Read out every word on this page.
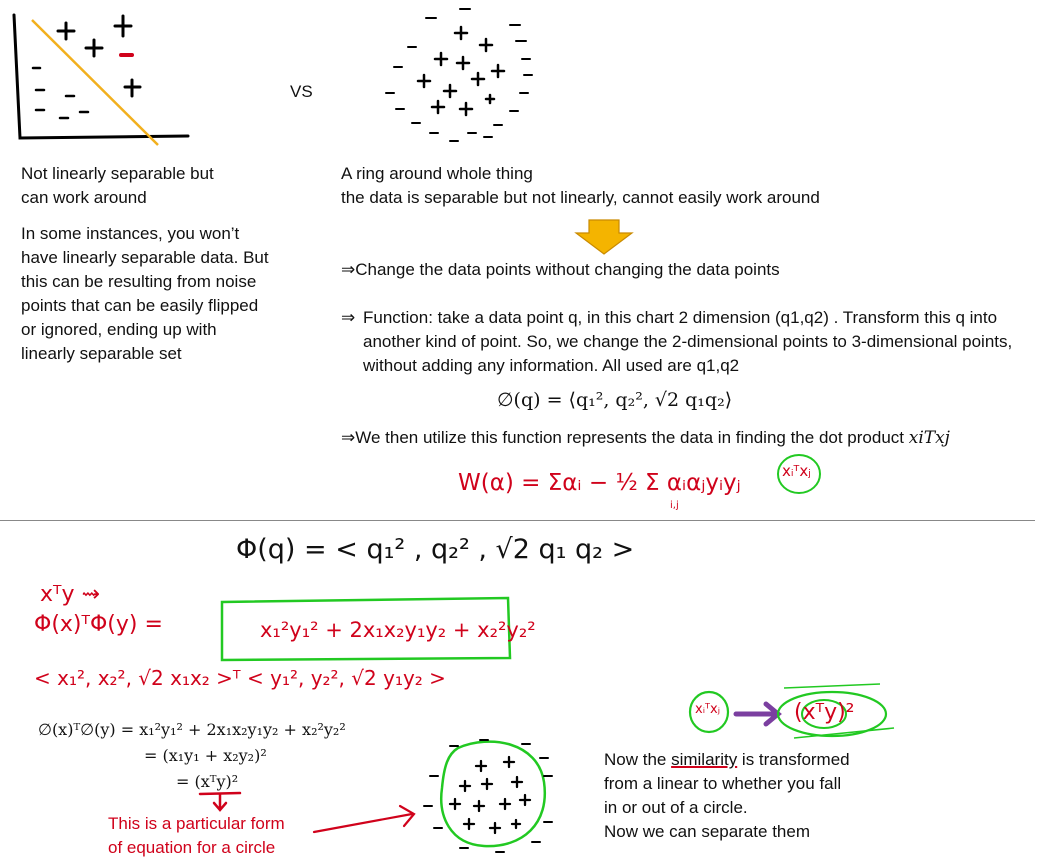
VS
Not linearly separable but
can work around
In some instances, you won’t have linearly separable data. But this can be resulting from noise points that can be easily flipped or ignored, ending up with linearly separable set
A ring around whole thing
the data is separable but not linearly, cannot easily work around
⇒Change the data points without changing the data points
⇒ Function: take a data point q, in this chart 2 dimension (q1,q2) . Transform this q into another kind of point. So, we change the 2-dimensional points to 3-dimensional points, without adding any information. All used are q1,q2
∅(q) = ⟨q₁², q₂², √2 q₁q₂⟩
⇒We then utilize this function represents the data in finding the dot product xiTxj
W(α) = Σαᵢ − ½ Σ αᵢαⱼyᵢyⱼ
i,j
xᵢᵀxⱼ
Φ(q) = < q₁² , q₂² , √2 q₁ q₂ >
xᵀy ⇝
Φ(x)ᵀΦ(y) =	x₁²y₁² + 2x₁x₂y₁y₂ + x₂²y₂²
< x₁², x₂², √2 x₁x₂ >ᵀ < y₁², y₂², √2 y₁y₂ >
∅(x)ᵀ∅(y) = x₁²y₁² + 2x₁x₂y₁y₂ + x₂²y₂²
= (x₁y₁ + x₂y₂)²
= (xᵀy)²
This is a particular form
of equation for a circle
xᵢᵀxⱼ	(xᵀy)²
Now the similarity is transformed
from a linear to whether you fall
in or out of a circle.
Now we can separate them
